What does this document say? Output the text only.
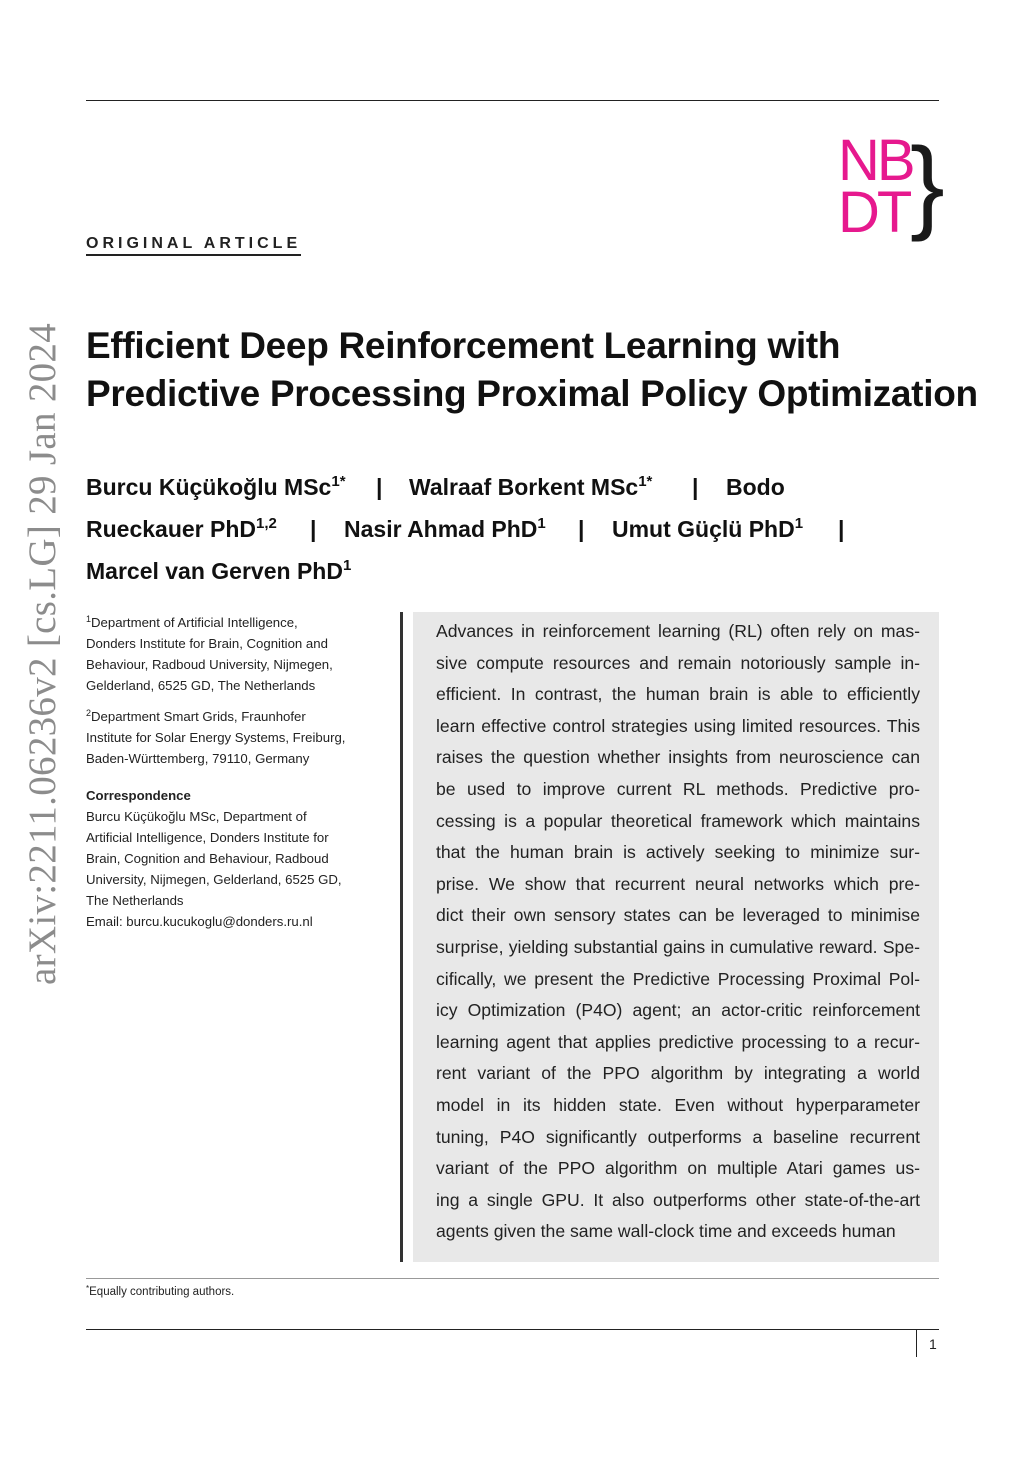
arXiv:2211.06236v2 [cs.LG] 29 Jan 2024
NB
DT }
ORIGINAL ARTICLE
Efficient Deep Reinforcement Learning with
Predictive Processing Proximal Policy Optimization
Burcu Küçükoğlu MSc$^{1*}$ | Walraaf Borkent MSc$^{1*}$ | Bodo
Rueckauer PhD$^{1,2}$ | Nasir Ahmad PhD$^1$ | Umut Güçlü PhD$^1$ |
Marcel van Gerven PhD$^1$
$^1$Department of Artificial Intelligence,
Donders Institute for Brain, Cognition and
Behaviour, Radboud University, Nijmegen,
Gelderland, 6525 GD, The Netherlands
$^2$Department Smart Grids, Fraunhofer
Institute for Solar Energy Systems, Freiburg,
Baden-Württemberg, 79110, Germany
Correspondence
Burcu Küçükoğlu MSc, Department of
Artificial Intelligence, Donders Institute for
Brain, Cognition and Behaviour, Radboud
University, Nijmegen, Gelderland, 6525 GD,
The Netherlands
Email: burcu.kucukoglu@donders.ru.nl
Advances in reinforcement learning (RL) often rely on mas-
sive compute resources and remain notoriously sample in-
efficient. In contrast, the human brain is able to efficiently
learn effective control strategies using limited resources. This
raises the question whether insights from neuroscience can
be used to improve current RL methods. Predictive pro-
cessing is a popular theoretical framework which maintains
that the human brain is actively seeking to minimize sur-
prise. We show that recurrent neural networks which pre-
dict their own sensory states can be leveraged to minimise
surprise, yielding substantial gains in cumulative reward. Spe-
cifically, we present the Predictive Processing Proximal Pol-
icy Optimization (P4O) agent; an actor-critic reinforcement
learning agent that applies predictive processing to a recur-
rent variant of the PPO algorithm by integrating a world
model in its hidden state. Even without hyperparameter
tuning, P4O significantly outperforms a baseline recurrent
variant of the PPO algorithm on multiple Atari games us-
ing a single GPU. It also outperforms other state-of-the-art
agents given the same wall-clock time and exceeds human
*Equally contributing authors.
1
